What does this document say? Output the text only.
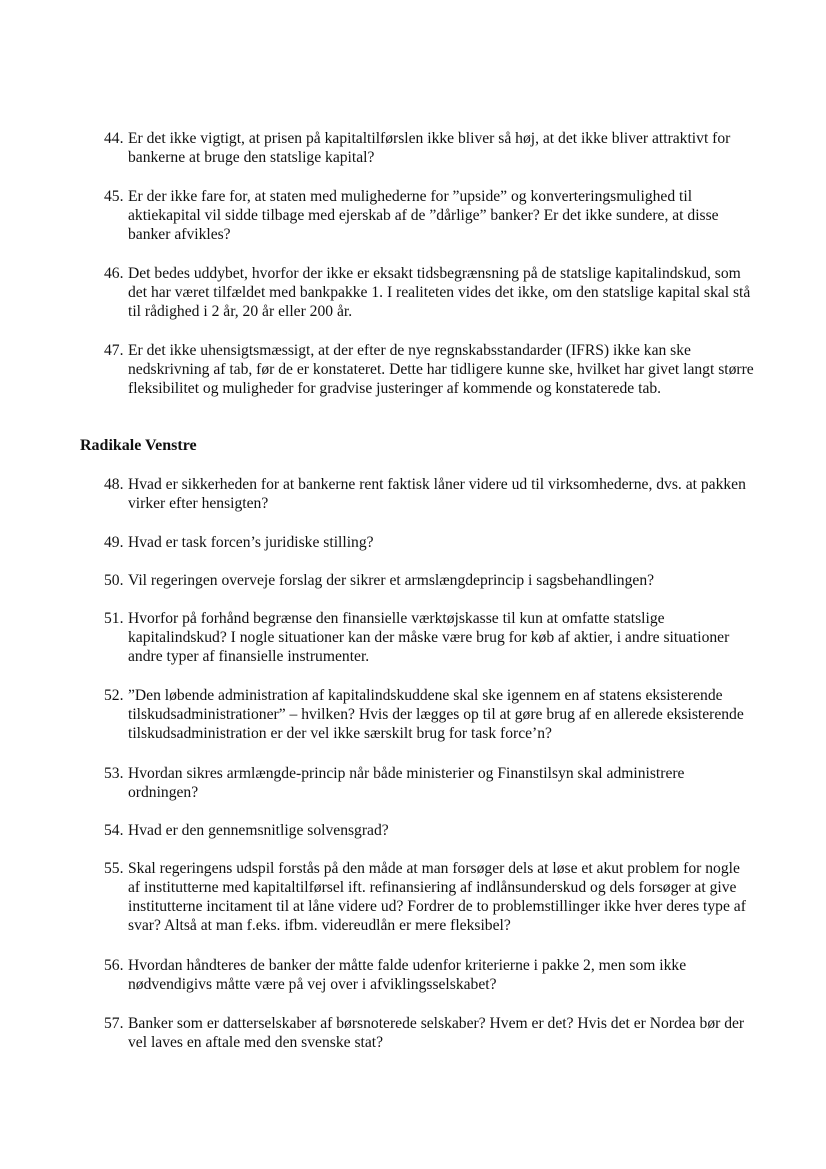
44. Er det ikke vigtigt, at prisen på kapitaltilførslen ikke bliver så høj, at det ikke bliver attraktivt for bankerne at bruge den statslige kapital?
45. Er der ikke fare for, at staten med mulighederne for ”upside” og konverteringsmulighed til aktiekapital vil sidde tilbage med ejerskab af de ”dårlige” banker? Er det ikke sundere, at disse banker afvikles?
46. Det bedes uddybet, hvorfor der ikke er eksakt tidsbegrænsning på de statslige kapitalindskud, som det har været tilfældet med bankpakke 1. I realiteten vides det ikke, om den statslige kapital skal stå til rådighed i 2 år, 20 år eller 200 år.
47. Er det ikke uhensigtsmæssigt, at der efter de nye regnskabsstandarder (IFRS) ikke kan ske nedskrivning af tab, før de er konstateret. Dette har tidligere kunne ske, hvilket har givet langt større fleksibilitet og muligheder for gradvise justeringer af kommende og konstaterede tab.
Radikale Venstre
48. Hvad er sikkerheden for at bankerne rent faktisk låner videre ud til virksomhederne, dvs. at pakken virker efter hensigten?
49. Hvad er task forcen’s juridiske stilling?
50. Vil regeringen overveje forslag der sikrer et armslængdeprincip i sagsbehandlingen?
51. Hvorfor på forhånd begrænse den finansielle værktøjskasse til kun at omfatte statslige kapitalindskud? I nogle situationer kan der måske være brug for køb af aktier, i andre situationer andre typer af finansielle instrumenter.
52. ”Den løbende administration af kapitalindskuddene skal ske igennem en af statens eksisterende tilskudsadministrationer” – hvilken? Hvis der lægges op til at gøre brug af en allerede eksisterende tilskudsadministration er der vel ikke særskilt brug for task force’n?
53. Hvordan sikres armlængde-princip når både ministerier og Finanstilsyn skal administrere ordningen?
54. Hvad er den gennemsnitlige solvensgrad?
55. Skal regeringens udspil forstås på den måde at man forsøger dels at løse et akut problem for nogle af institutterne med kapitaltilførsel ift. refinansiering af indlånsunderskud og dels forsøger at give institutterne incitament til at låne videre ud? Fordrer de to problemstillinger ikke hver deres type af svar? Altså at man f.eks. ifbm. videreudlån er mere fleksibel?
56. Hvordan håndteres de banker der måtte falde udenfor kriterierne i pakke 2, men som ikke nødvendigivs måtte være på vej over i afviklingsselskabet?
57. Banker som er datterselskaber af børsnoterede selskaber? Hvem er det? Hvis det er Nordea bør der vel laves en aftale med den svenske stat?
